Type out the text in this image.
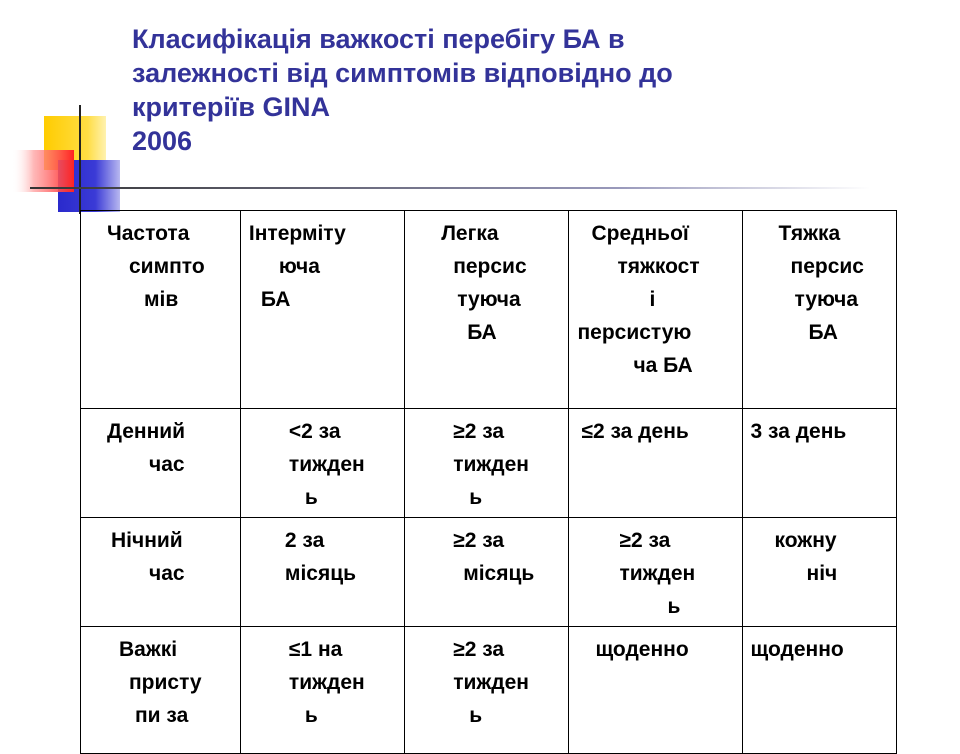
Класифікація важкості перебігу БА в
залежності від симптомів відповідно до
критеріїв GINA
2006
Частота
симпто
мів	Інтерміту
юча
БА	Легка
персис
туюча
БА	Средньої
тяжкост
і
персистую
ча БА	Тяжка
персис
туюча
БА

Денний
час	<2 за
тижден
ь	≥2 за
тижден
ь	≤2 за день	3 за день

Нічний
час	2 за
місяць	≥2 за
місяць	≥2 за
тижден
ь	кожну
ніч

Важкі
присту
пи за	≤1 на
тижден
ь	≥2 за
тижден
ь	щоденно	щоденно
